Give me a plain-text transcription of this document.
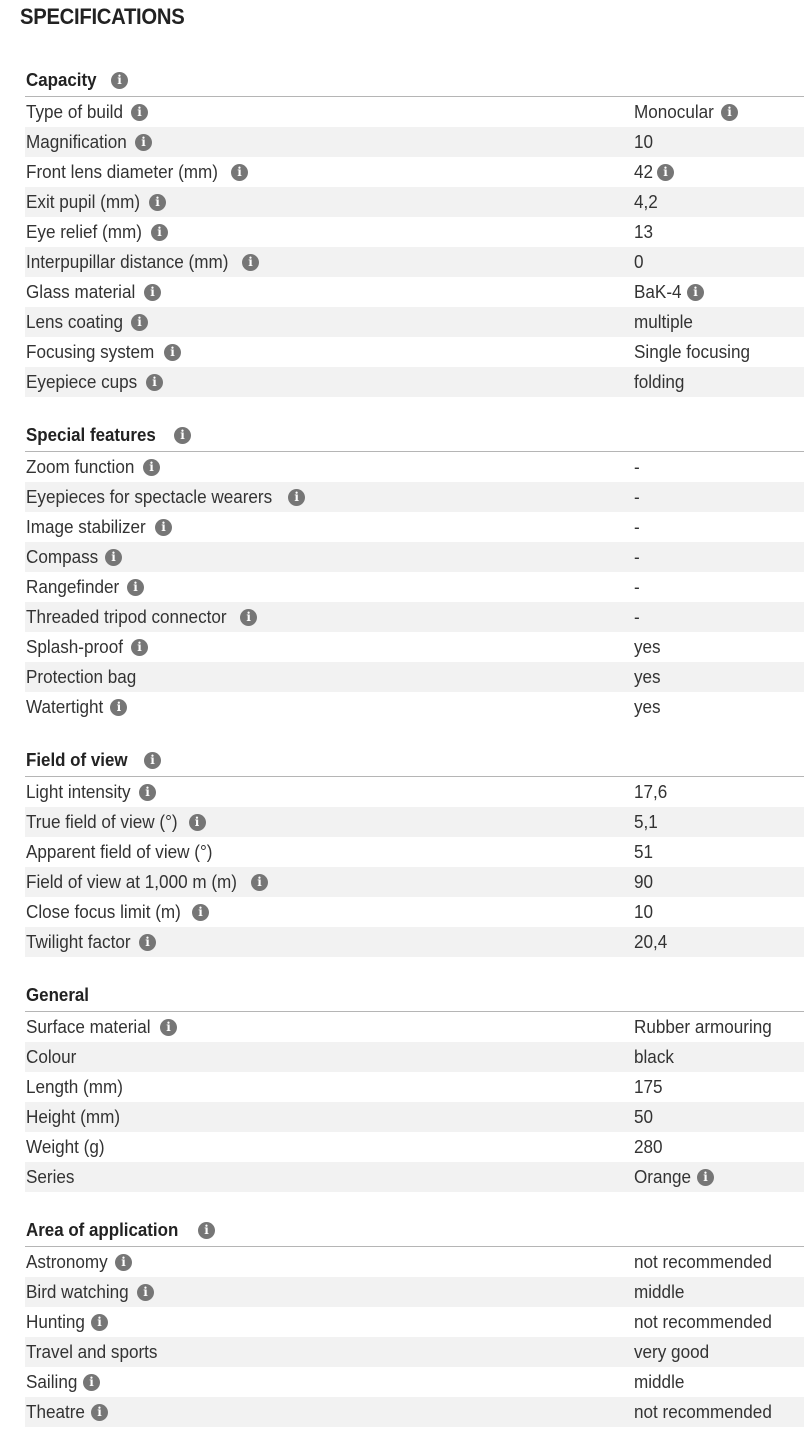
SPECIFICATIONS
Capacity	i
Type of build	i	Monocular	i
Magnification	i	10
Front lens diameter (mm)	i	42 i
Exit pupil (mm)	i	4,2
Eye relief (mm)	i	13
Interpupillar distance (mm)	i	0
Glass material	i	BaK-4 i
Lens coating	i	multiple
Focusing system	i	Single focusing
Eyepiece cups	i	folding
Special features	i
Zoom function	i	-
Eyepieces for spectacle wearers	i	-
Image stabilizer	i	-
Compass	i	-
Rangefinder	i	-
Threaded tripod connector	i	-
Splash-proof	i	yes
Protection bag	yes
Watertight	i	yes
Field of view	i
Light intensity	i	17,6
True field of view (°)	i	5,1
Apparent field of view (°)	51
Field of view at 1,000 m (m)	i	90
Close focus limit (m)	i	10
Twilight factor	i	20,4
General
Surface material	i	Rubber armouring
Colour	black
Length (mm)	175
Height (mm)	50
Weight (g)	280
Series	Orange	i
Area of application	i
Astronomy	i	not recommended
Bird watching	i	middle
Hunting	i	not recommended
Travel and sports	very good
Sailing i	middle
Theatre	i	not recommended
